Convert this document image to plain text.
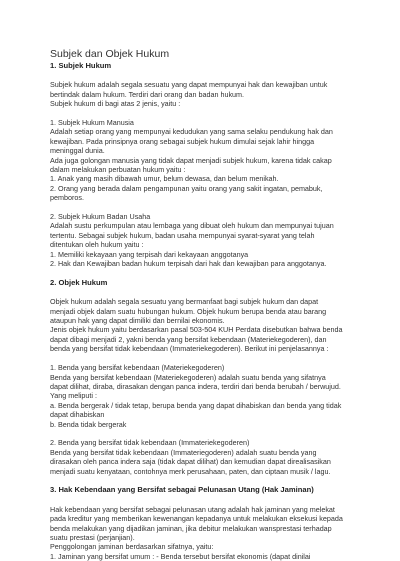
Subjek dan Objek Hukum
1. Subjek Hukum

Subjek hukum adalah segala sesuatu yang dapat mempunyai hak dan kewajiban untuk
bertindak dalam hukum. Terdiri dari orang dan badan hukum.
Subjek hukum di bagi atas 2 jenis, yaitu :

1. Subjek Hukum Manusia
Adalah setiap orang yang mempunyai kedudukan yang sama selaku pendukung hak dan
kewajiban. Pada prinsipnya orang sebagai subjek hukum dimulai sejak lahir hingga
meninggal dunia.
Ada juga golongan manusia yang tidak dapat menjadi subjek hukum, karena tidak cakap
dalam melakukan perbuatan hukum yaitu :
1. Anak yang masih dibawah umur, belum dewasa, dan belum menikah.
2. Orang yang berada dalam pengampunan yaitu orang yang sakit ingatan, pemabuk,
pemboros.

2. Subjek Hukum Badan Usaha
Adalah sustu perkumpulan atau lembaga yang dibuat oleh hukum dan mempunyai tujuan
tertentu. Sebagai subjek hukum, badan usaha mempunyai syarat-syarat yang telah
ditentukan oleh hukum yaitu :
1. Memiliki kekayaan yang terpisah dari kekayaan anggotanya
2. Hak dan Kewajiban badan hukum terpisah dari hak dan kewajiban para anggotanya.

2. Objek Hukum

Objek hukum adalah segala sesuatu yang bermanfaat bagi subjek hukum dan dapat
menjadi objek dalam suatu hubungan hukum. Objek hukum berupa benda atau barang
ataupun hak yang dapat dimiliki dan bernilai ekonomis.
Jenis objek hukum yaitu berdasarkan pasal 503-504 KUH Perdata disebutkan bahwa benda
dapat dibagi menjadi 2, yakni benda yang bersifat kebendaan (Materiekegoderen), dan
benda yang bersifat tidak kebendaan (Immateriekegoderen). Berikut ini penjelasannya :

1. Benda yang bersifat kebendaan (Materiekegoderen)
Benda yang bersifat kebendaan (Materiekegoderen) adalah suatu benda yang sifatnya
dapat dilihat, diraba, dirasakan dengan panca indera, terdiri dari benda berubah / berwujud.
Yang meliputi :
a. Benda bergerak / tidak tetap, berupa benda yang dapat dihabiskan dan benda yang tidak
dapat dihabiskan
b. Benda tidak bergerak

2. Benda yang bersifat tidak kebendaan (Immateriekegoderen)
Benda yang bersifat tidak kebendaan (Immateriegoderen) adalah suatu benda yang
dirasakan oleh panca indera saja (tidak dapat dilihat) dan kemudian dapat direalisasikan
menjadi suatu kenyataan, contohnya merk perusahaan, paten, dan ciptaan musik / lagu.

3. Hak Kebendaan yang Bersifat sebagai Pelunasan Utang (Hak Jaminan)

Hak kebendaan yang bersifat sebagai pelunasan utang adalah hak jaminan yang melekat
pada kreditur yang memberikan kewenangan kepadanya untuk melakukan eksekusi kepada
benda melakukan yang dijadikan jaminan, jika debitur melakukan wansprestasi terhadap
suatu prestasi (perjanjian).
Penggolongan jaminan berdasarkan sifatnya, yaitu:
1. Jaminan yang bersifat umum : - Benda tersebut bersifat ekonomis (dapat dinilai
